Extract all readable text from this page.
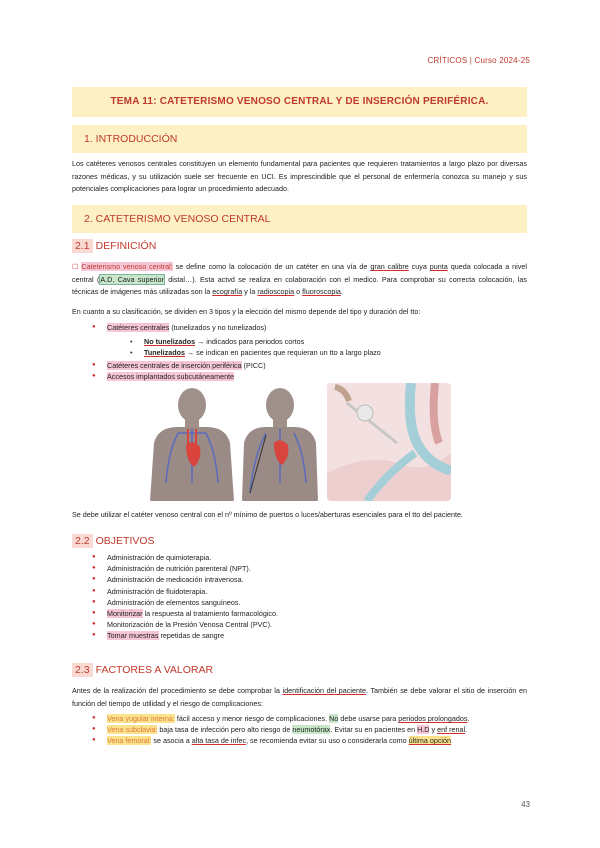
CRÍTICOS | Curso 2024-25
TEMA 11: CATETERISMO VENOSO CENTRAL Y DE INSERCIÓN PERIFÉRICA.
1. INTRODUCCIÓN
Los catéteres venosos centrales constituyen un elemento fundamental para pacientes que requieren tratamientos a largo plazo por diversas razones médicas, y su utilización suele ser frecuente en UCI. Es imprescindible que el personal de enfermería conozca su manejo y sus potenciales complicaciones para lograr un procedimiento adecuado.
2. CATETERISMO VENOSO CENTRAL
2.1 DEFINICIÓN
☐ Cateterismo venoso central: se define como la colocación de un catéter en una vía de gran calibre cuya punta queda colocada a nivel central (A.D, Cava superior distal…). Esta actvd se realiza en colaboración con el medico. Para comprobar su correcta colocación, las técnicas de imágenes más utilizadas son la ecografía y la radioscopia o fluoroscopia.
En cuanto a su clasificación, se dividen en 3 tipos y la elección del mismo depende del tipo y duración del tto:
● Catéteres centrales (tunelizados y no tunelizados)
• No tunelizados → indicados para periodos cortos
• Tunelizados → se indican en pacientes que requieran un tto a largo plazo
● Catéteres centrales de inserción periférica (PICC)
● Accesos implantados subcutáneamente
Se debe utilizar el catéter venoso central con el nº mínimo de puertos o luces/aberturas esenciales para el tto del paciente.
2.2 OBJETIVOS
● Administración de quimioterapia.
● Administración de nutrición parenteral (NPT).
● Administración de medicación intravenosa.
● Administración de fluidoterapia.
● Administración de elementos sanguíneos.
● Monitorizar la respuesta al tratamiento farmacológico.
● Monitorización de la Presión Venosa Central (PVC).
● Tomar muestras repetidas de sangre
2.3 FACTORES A VALORAR
Antes de la realización del procedimiento se debe comprobar la identificación del paciente. También se debe valorar el sitio de inserción en función del tiempo de utilidad y el riesgo de complicaciones:
● Vena yugular interna: fácil acceso y menor riesgo de complicaciones. No debe usarse para periodos prolongados.
● Vena subclavia: baja tasa de infección pero alto riesgo de neumotórax. Evitar su en pacientes en H.D y enf renal.
● Vena femoral: se asocia a alta tasa de infec, se recomienda evitar su uso o considerarla como última opción
43
